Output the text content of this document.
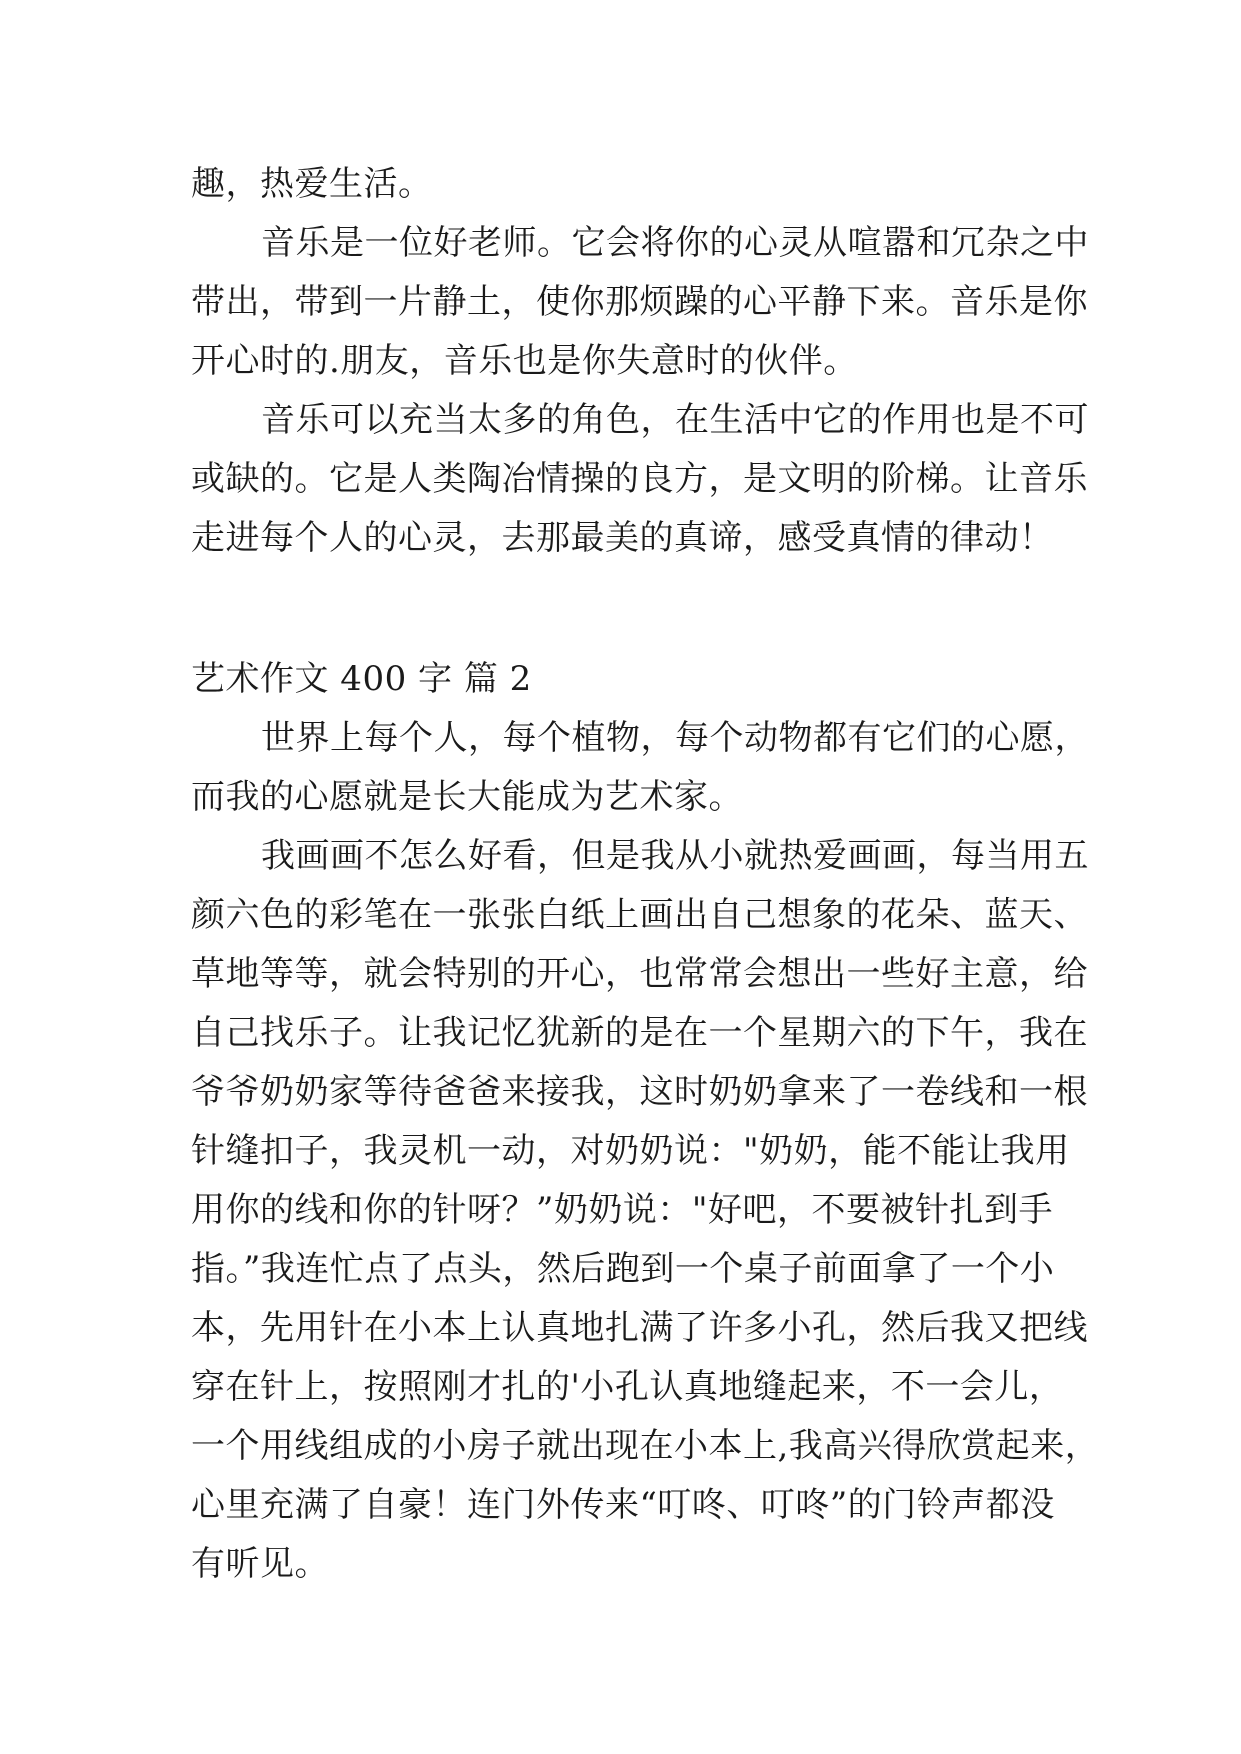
趣，热爱生活。
音乐是一位好老师。它会将你的心灵从喧嚣和冗杂之中
带出，带到一片静土，使你那烦躁的心平静下来。音乐是你
开心时的.朋友，音乐也是你失意时的伙伴。
音乐可以充当太多的角色，在生活中它的作用也是不可
或缺的。它是人类陶冶情操的良方，是文明的阶梯。让音乐
走进每个人的心灵，去那最美的真谛，感受真情的律动！
艺术作文 400 字 篇 2
世界上每个人，每个植物，每个动物都有它们的心愿，
而我的心愿就是长大能成为艺术家。
我画画不怎么好看，但是我从小就热爱画画，每当用五
颜六色的彩笔在一张张白纸上画出自己想象的花朵、蓝天、
草地等等，就会特别的开心，也常常会想出一些好主意，给
自己找乐子。让我记忆犹新的是在一个星期六的下午，我在
爷爷奶奶家等待爸爸来接我，这时奶奶拿来了一卷线和一根
针缝扣子，我灵机一动，对奶奶说："奶奶，能不能让我用
用你的线和你的针呀？”奶奶说："好吧，不要被针扎到手
指。”我连忙点了点头，然后跑到一个桌子前面拿了一个小
本，先用针在小本上认真地扎满了许多小孔，然后我又把线
穿在针上，按照刚才扎的'小孔认真地缝起来，不一会儿，
一个用线组成的小房子就出现在小本上,我高兴得欣赏起来，
心里充满了自豪！连门外传来“叮咚、叮咚”的门铃声都没
有听见。
